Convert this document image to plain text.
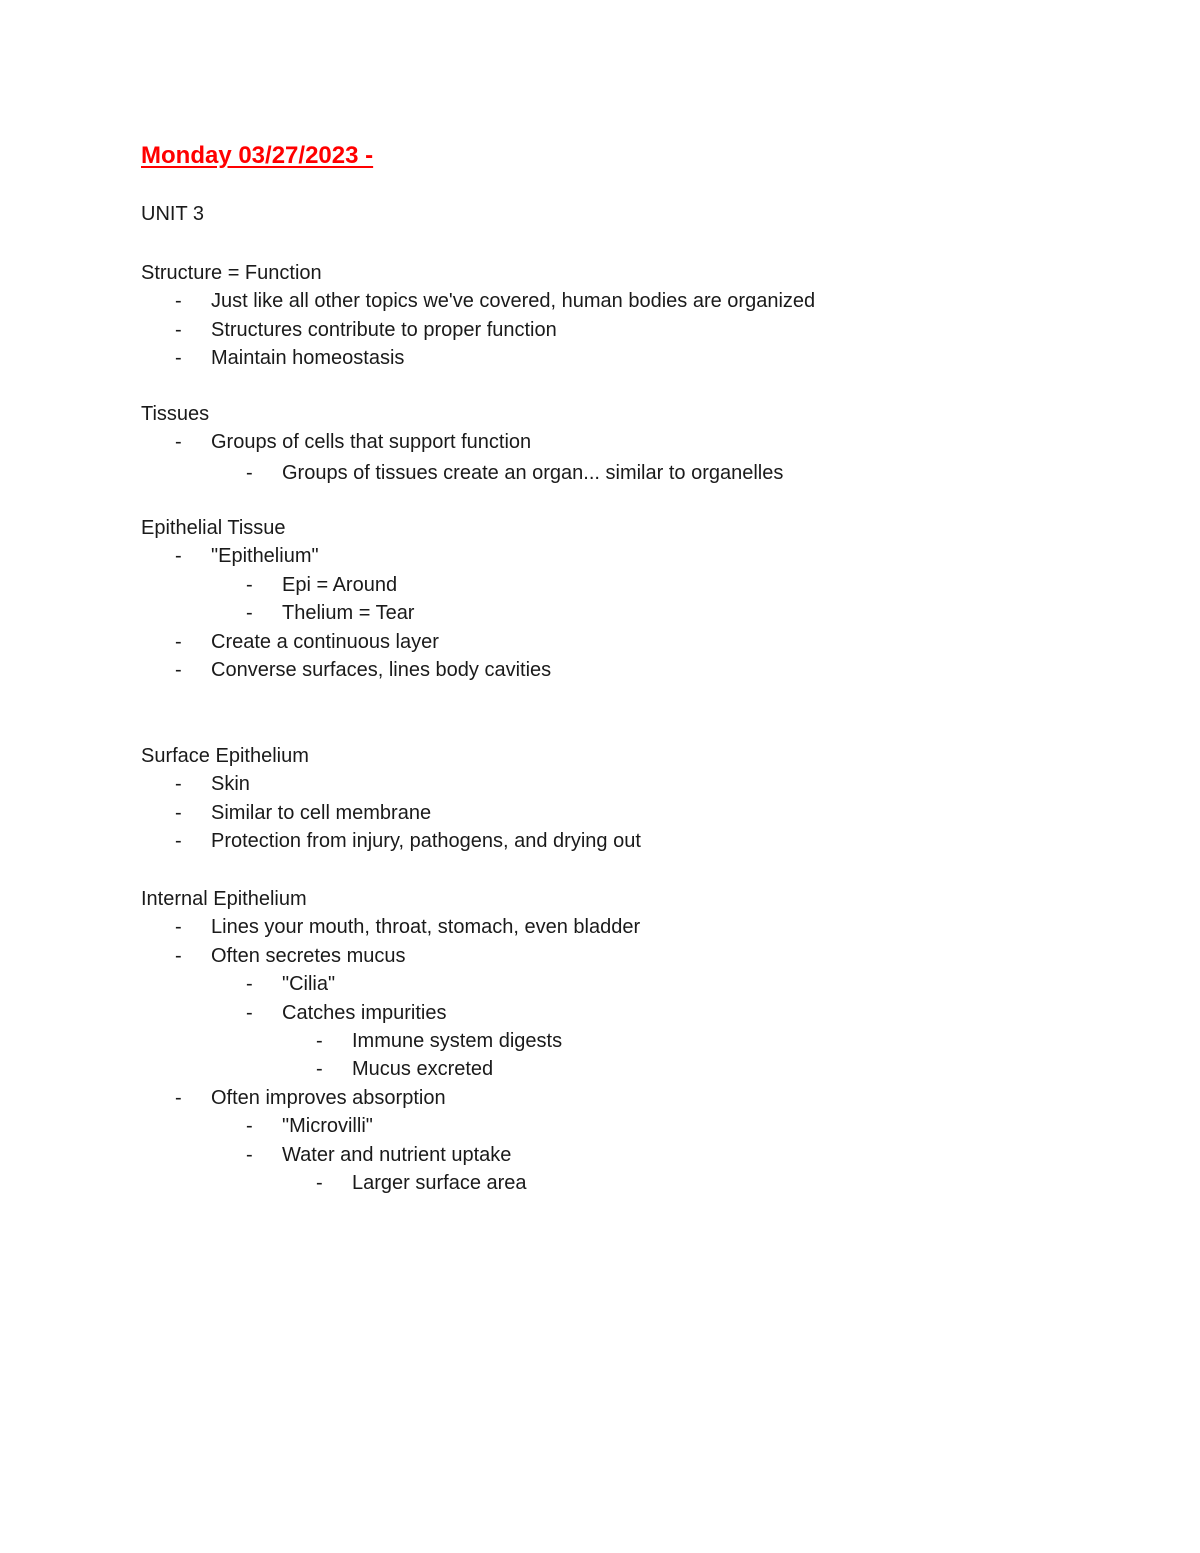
Monday 03/27/2023 -
UNIT 3
Structure = Function
- Just like all other topics we've covered, human bodies are organized
- Structures contribute to proper function
- Maintain homeostasis
Tissues
- Groups of cells that support function
- Groups of tissues create an organ... similar to organelles
Epithelial Tissue
- "Epithelium"
- Epi = Around
- Thelium = Tear
- Create a continuous layer
- Converse surfaces, lines body cavities
Surface Epithelium
- Skin
- Similar to cell membrane
- Protection from injury, pathogens, and drying out
Internal Epithelium
- Lines your mouth, throat, stomach, even bladder
- Often secretes mucus
- "Cilia"
- Catches impurities
- Immune system digests
- Mucus excreted
- Often improves absorption
- "Microvilli"
- Water and nutrient uptake
- Larger surface area
